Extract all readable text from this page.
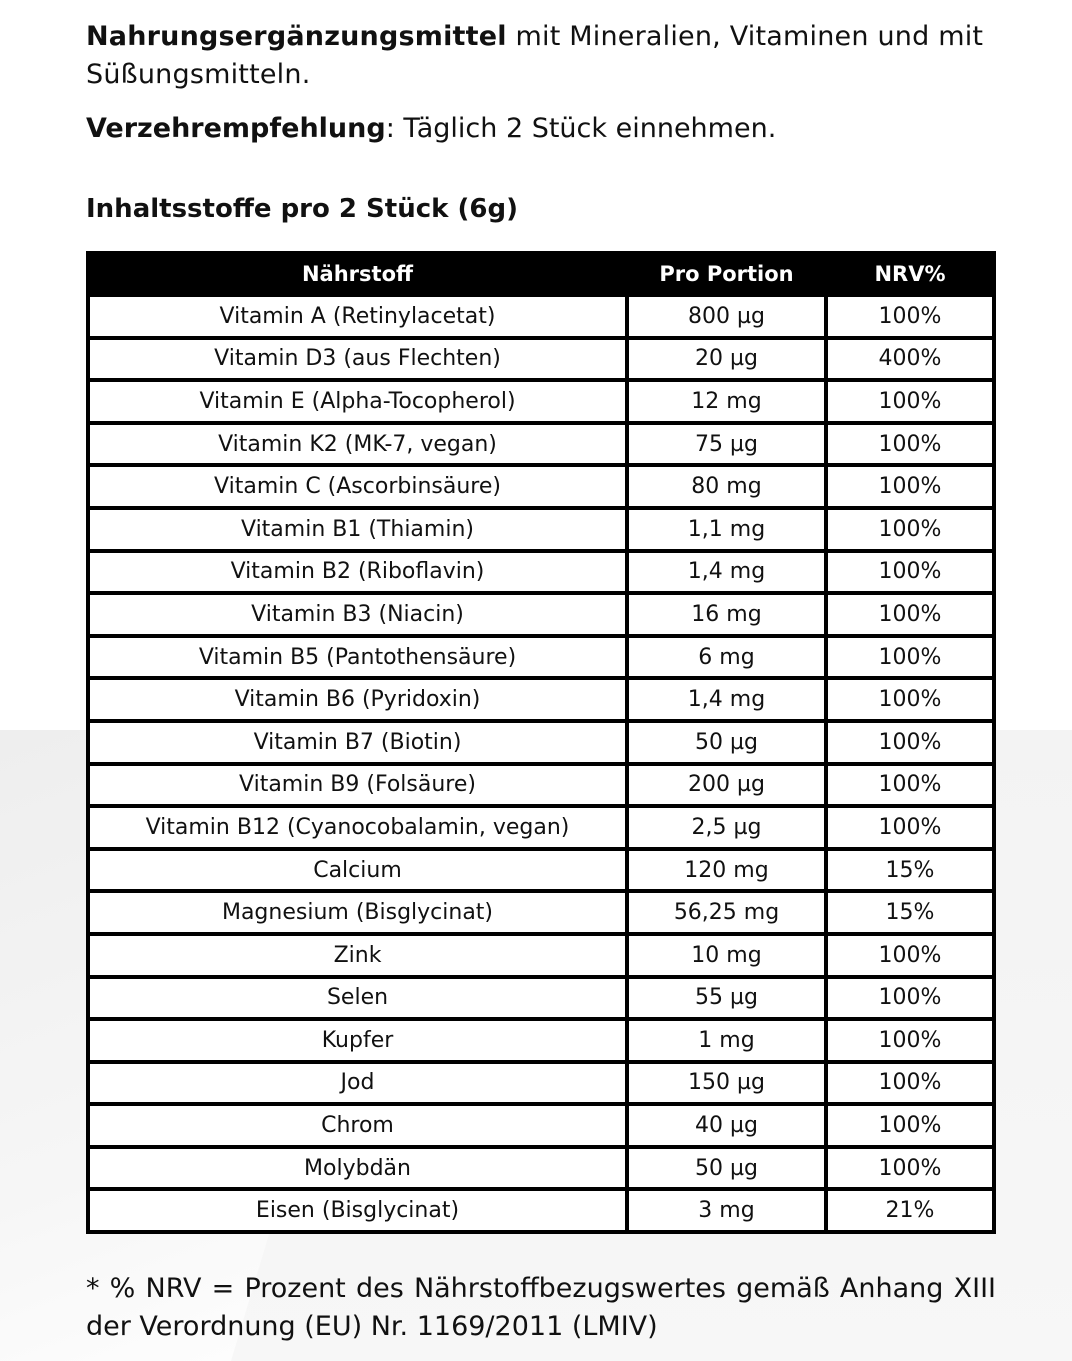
Nahrungsergänzungsmittel mit Mineralien, Vitaminen und mit Süßungsmitteln.

Verzehrempfehlung: Täglich 2 Stück einnehmen.

Inhaltsstoffe pro 2 Stück (6g)
Nährstoff	Pro Portion	NRV%
Vitamin A (Retinylacetat)	800 µg	100%
Vitamin D3 (aus Flechten)	20 µg	400%
Vitamin E (Alpha-Tocopherol)	12 mg	100%
Vitamin K2 (MK-7, vegan)	75 µg	100%
Vitamin C (Ascorbinsäure)	80 mg	100%
Vitamin B1 (Thiamin)	1,1 mg	100%
Vitamin B2 (Riboflavin)	1,4 mg	100%
Vitamin B3 (Niacin)	16 mg	100%
Vitamin B5 (Pantothensäure)	6 mg	100%
Vitamin B6 (Pyridoxin)	1,4 mg	100%
Vitamin B7 (Biotin)	50 µg	100%
Vitamin B9 (Folsäure)	200 µg	100%
Vitamin B12 (Cyanocobalamin, vegan)	2,5 µg	100%
Calcium	120 mg	15%
Magnesium (Bisglycinat)	56,25 mg	15%
Zink	10 mg	100%
Selen	55 µg	100%
Kupfer	1 mg	100%
Jod	150 µg	100%
Chrom	40 µg	100%
Molybdän	50 µg	100%
Eisen (Bisglycinat)	3 mg	21%

* % NRV = Prozent des Nährstoffbezugswertes gemäß Anhang XIII der Verordnung (EU) Nr. 1169/2011 (LMIV)
